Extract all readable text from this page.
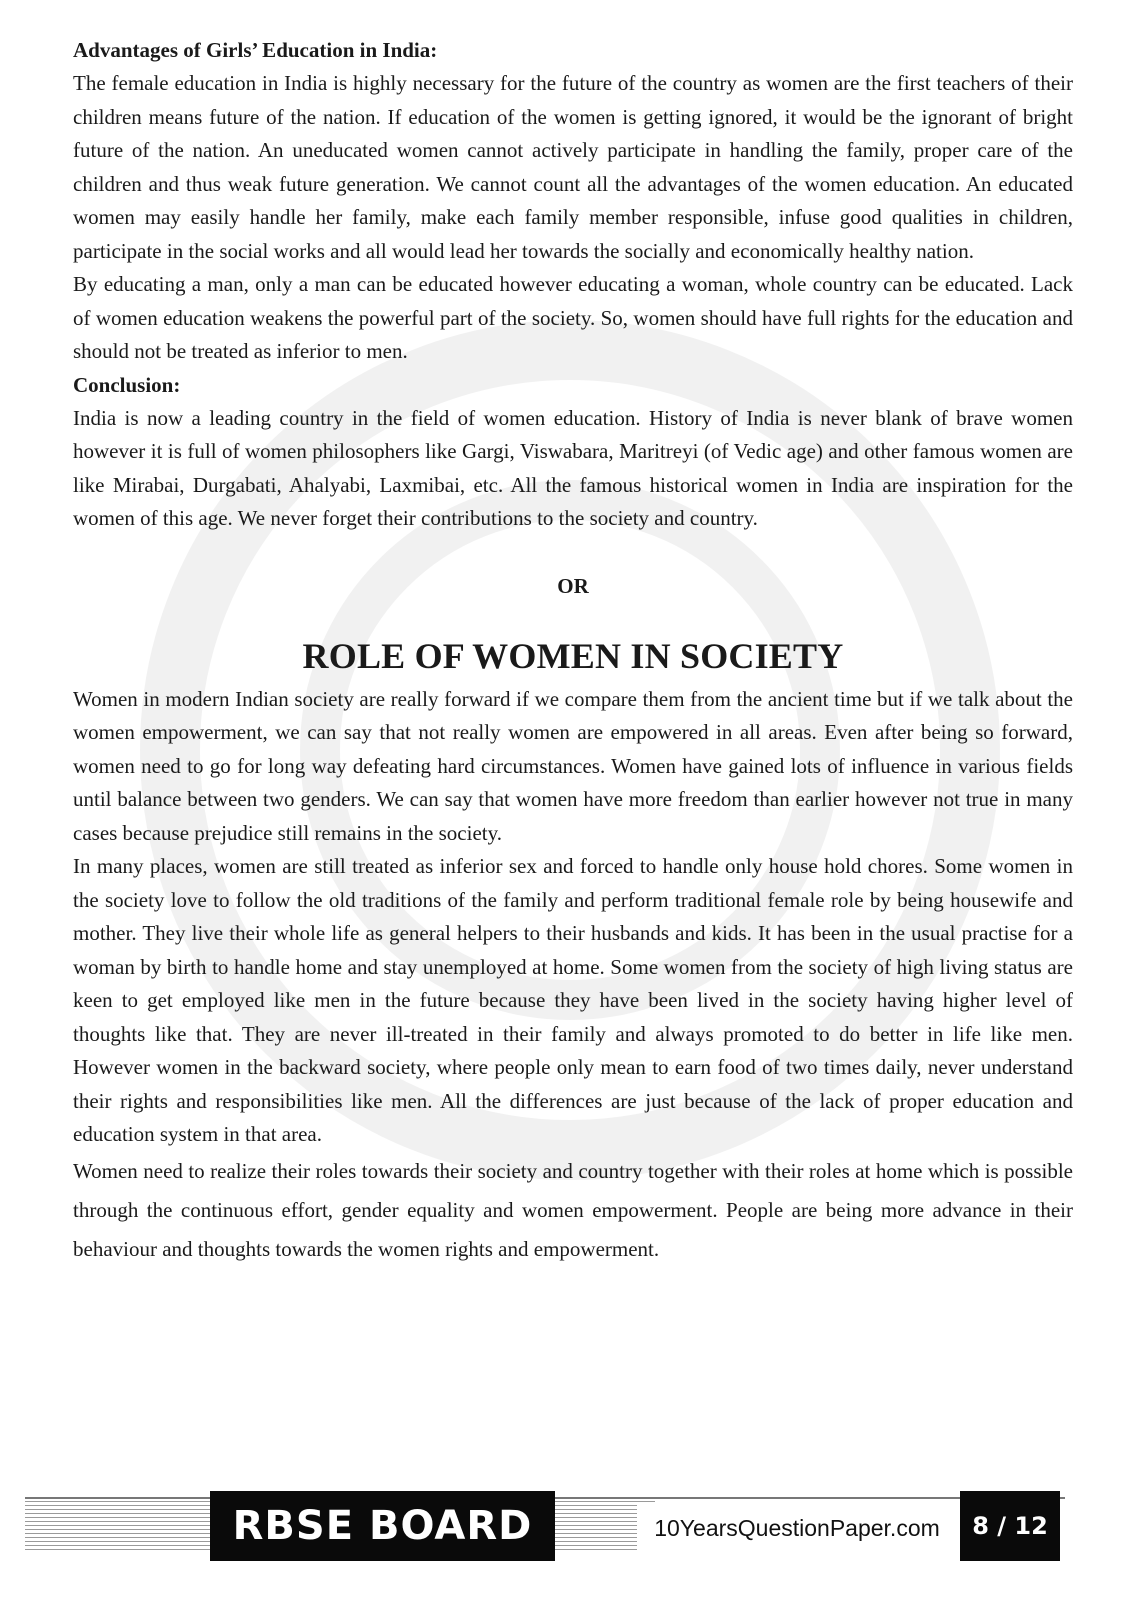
Advantages of Girls’ Education in India:

The female education in India is highly necessary for the future of the country as women are the first teachers of their children means future of the nation. If education of the women is getting ignored, it would be the ignorant of bright future of the nation. An uneducated women cannot actively participate in handling the family, proper care of the children and thus weak future generation. We cannot count all the advantages of the women education. An educated women may easily handle her family, make each family member responsible, infuse good qualities in children, participate in the social works and all would lead her towards the socially and economically healthy nation.

By educating a man, only a man can be educated however educating a woman, whole country can be educated. Lack of women education weakens the powerful part of the society. So, women should have full rights for the education and should not be treated as inferior to men.

Conclusion:

India is now a leading country in the field of women education. History of India is never blank of brave women however it is full of women philosophers like Gargi, Viswabara, Maritreyi (of Vedic age) and other famous women are like Mirabai, Durgabati, Ahalyabi, Laxmibai, etc. All the famous historical women in India are inspiration for the women of this age. We never forget their contributions to the society and country.

OR

ROLE OF WOMEN IN SOCIETY

Women in modern Indian society are really forward if we compare them from the ancient time but if we talk about the women empowerment, we can say that not really women are empowered in all areas. Even after being so forward, women need to go for long way defeating hard circumstances. Women have gained lots of influence in various fields until balance between two genders. We can say that women have more freedom than earlier however not true in many cases because prejudice still remains in the society.

In many places, women are still treated as inferior sex and forced to handle only house hold chores. Some women in the society love to follow the old traditions of the family and perform traditional female role by being housewife and mother. They live their whole life as general helpers to their husbands and kids. It has been in the usual practise for a woman by birth to handle home and stay unemployed at home. Some women from the society of high living status are keen to get employed like men in the future because they have been lived in the society having higher level of thoughts like that. They are never ill-treated in their family and always promoted to do better in life like men. However women in the backward society, where people only mean to earn food of two times daily, never understand their rights and responsibilities like men. All the differences are just because of the lack of proper education and education system in that area.

Women need to realize their roles towards their society and country together with their roles at home which is possible through the continuous effort, gender equality and women empowerment. People are being more advance in their behaviour and thoughts towards the women rights and empowerment.

RBSE BOARD	10YearsQuestionPaper.com	8 / 12
